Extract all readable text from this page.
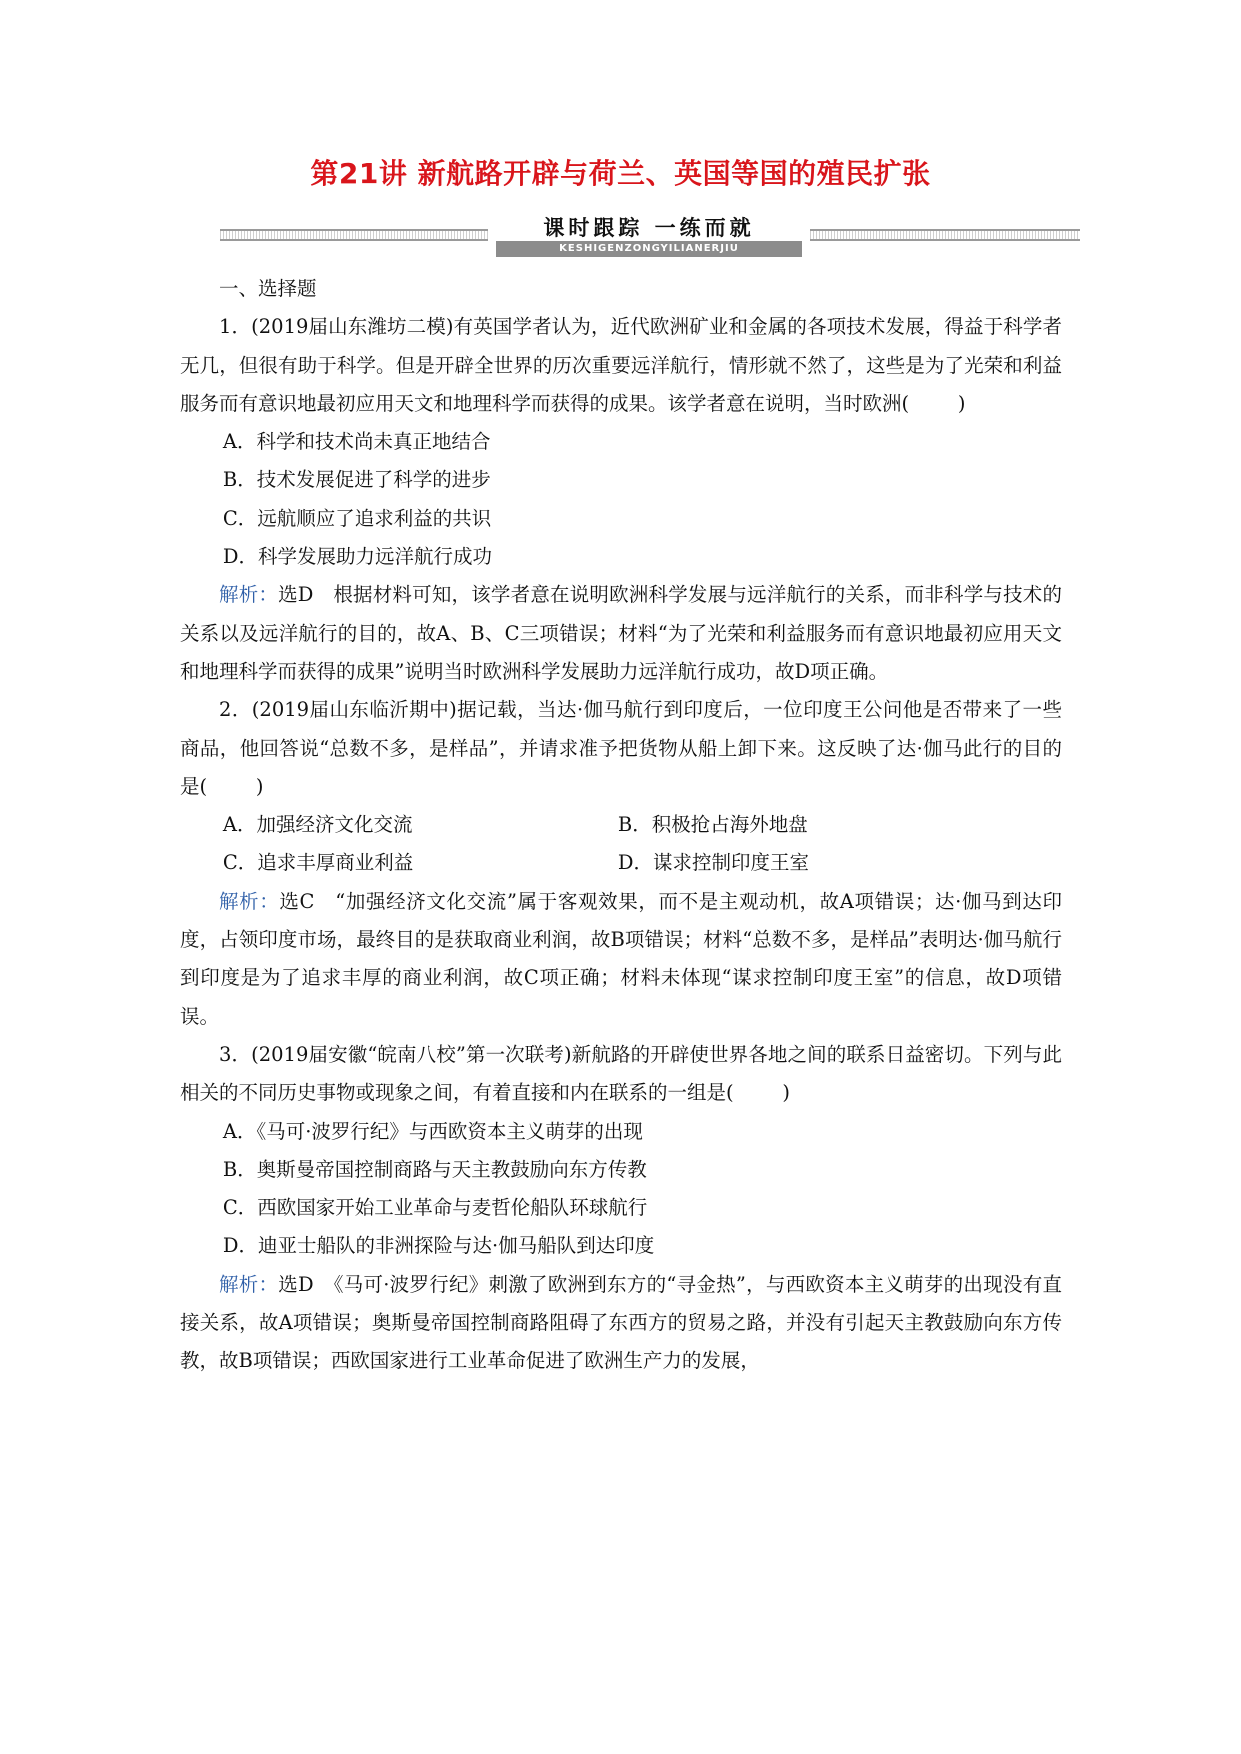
第21讲 新航路开辟与荷兰、英国等国的殖民扩张
课时跟踪 一练而就
KESHIGENZONGYILIANERJIU

一、选择题

1．(2019届山东潍坊二模)有英国学者认为，近代欧洲矿业和金属的各项技术发展，得益于科学者无几，但很有助于科学。但是开辟全世界的历次重要远洋航行，情形就不然了，这些是为了光荣和利益服务而有意识地最初应用天文和地理科学而获得的成果。该学者意在说明，当时欧洲(	)

A．科学和技术尚未真正地结合

B．技术发展促进了科学的进步

C．远航顺应了追求利益的共识

D．科学发展助力远洋航行成功

解析：选D　根据材料可知，该学者意在说明欧洲科学发展与远洋航行的关系，而非科学与技术的关系以及远洋航行的目的，故A、B、C三项错误；材料“为了光荣和利益服务而有意识地最初应用天文和地理科学而获得的成果”说明当时欧洲科学发展助力远洋航行成功，故D项正确。

2．(2019届山东临沂期中)据记载，当达·伽马航行到印度后，一位印度王公问他是否带来了一些商品，他回答说“总数不多，是样品”，并请求准予把货物从船上卸下来。这反映了达·伽马此行的目的是(	)

A．加强经济文化交流	B．积极抢占海外地盘
C．追求丰厚商业利益	D．谋求控制印度王室

解析：选C　“加强经济文化交流”属于客观效果，而不是主观动机，故A项错误；达·伽马到达印度，占领印度市场，最终目的是获取商业利润，故B项错误；材料“总数不多，是样品”表明达·伽马航行到印度是为了追求丰厚的商业利润，故C项正确；材料未体现“谋求控制印度王室”的信息，故D项错误。

3．(2019届安徽“皖南八校”第一次联考)新航路的开辟使世界各地之间的联系日益密切。下列与此相关的不同历史事物或现象之间，有着直接和内在联系的一组是(	)

A．《马可·波罗行纪》与西欧资本主义萌芽的出现

B．奥斯曼帝国控制商路与天主教鼓励向东方传教

C．西欧国家开始工业革命与麦哲伦船队环球航行

D．迪亚士船队的非洲探险与达·伽马船队到达印度

解析：选D　《马可·波罗行纪》刺激了欧洲到东方的“寻金热”，与西欧资本主义萌芽的出现没有直接关系，故A项错误；奥斯曼帝国控制商路阻碍了东西方的贸易之路，并没有引起天主教鼓励向东方传教，故B项错误；西欧国家进行工业革命促进了欧洲生产力的发展，
